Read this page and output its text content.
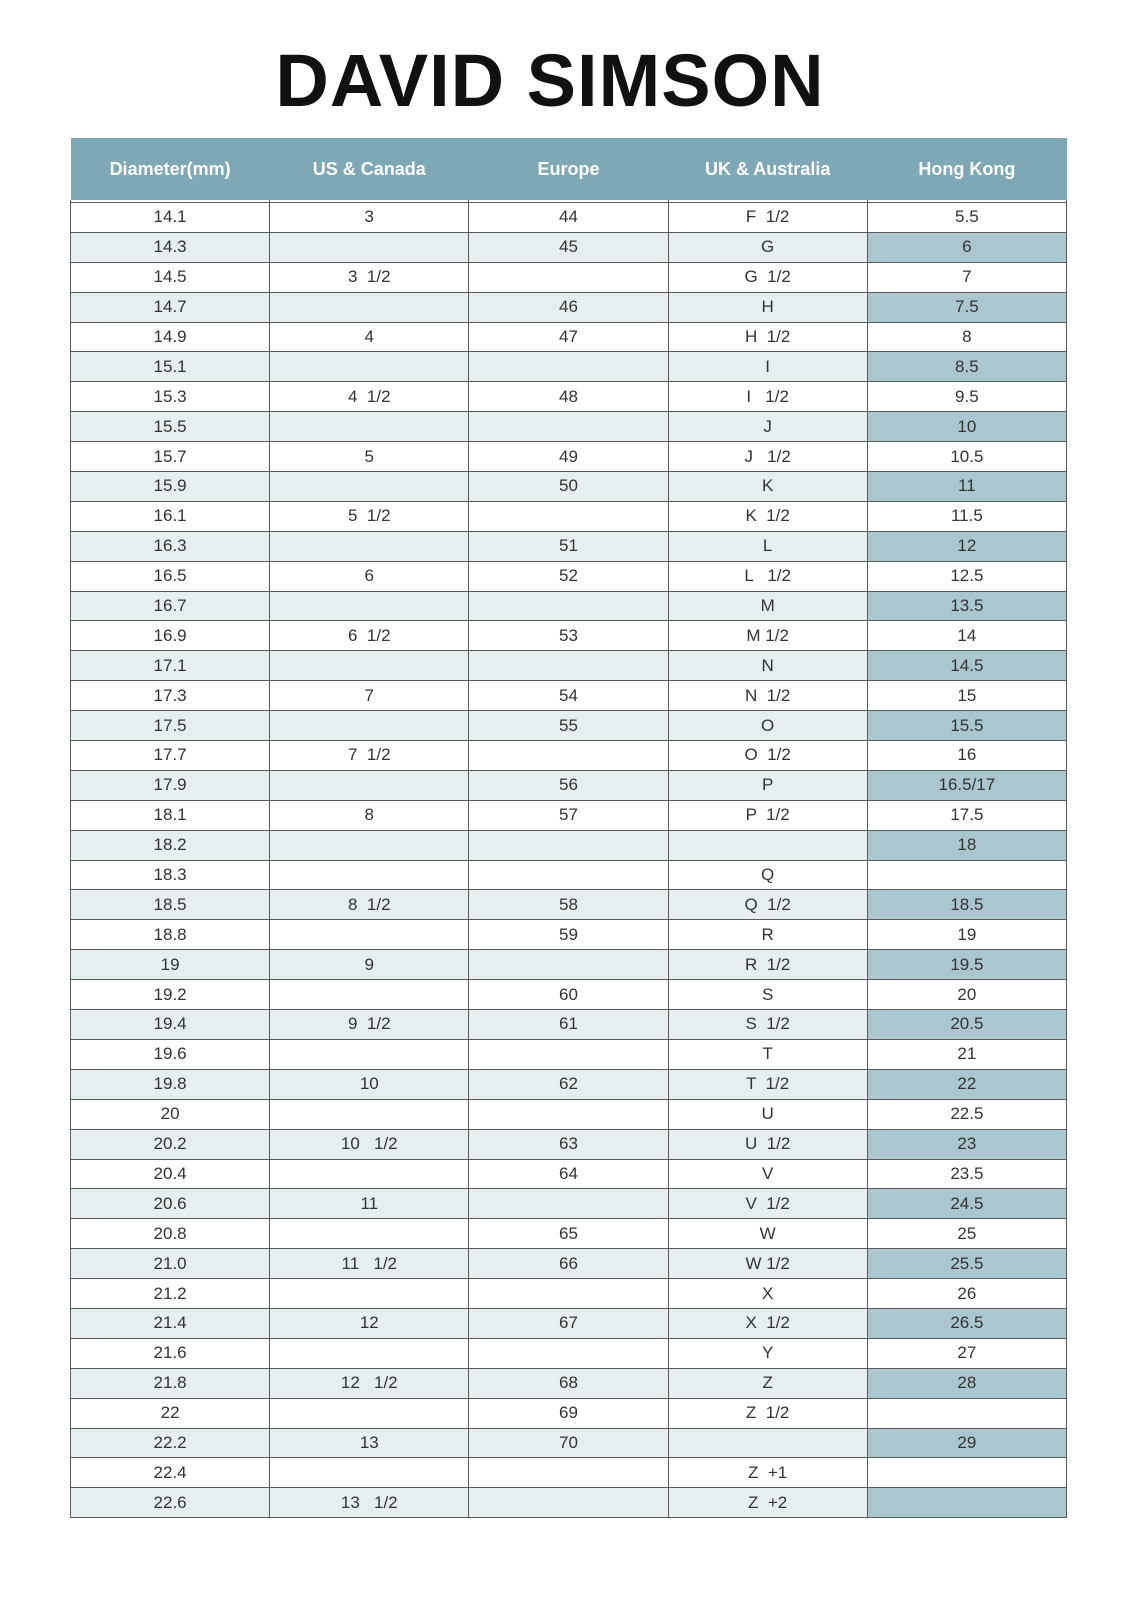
DAVID SIMSON
Diameter(mm)	US & Canada	Europe	UK & Australia	Hong Kong

14.1	3	44	F  1/2	5.5
14.3		45	G	6
14.5	3  1/2		G  1/2	7
14.7		46	H	7.5
14.9	4	47	H  1/2	8
15.1			I	8.5
15.3	4  1/2	48	I   1/2	9.5
15.5			J	10
15.7	5	49	J   1/2	10.5
15.9		50	K	11
16.1	5  1/2		K  1/2	11.5
16.3		51	L	12
16.5	6	52	L   1/2	12.5
16.7			M	13.5
16.9	6  1/2	53	M 1/2	14
17.1			N	14.5
17.3	7	54	N  1/2	15
17.5		55	O	15.5
17.7	7  1/2		O  1/2	16
17.9		56	P	16.5/17
18.1	8	57	P  1/2	17.5
18.2				18
18.3			Q	
18.5	8  1/2	58	Q  1/2	18.5
18.8		59	R	19
19	9		R  1/2	19.5
19.2		60	S	20
19.4	9  1/2	61	S  1/2	20.5
19.6			T	21
19.8	10	62	T  1/2	22
20			U	22.5
20.2	10   1/2	63	U  1/2	23
20.4		64	V	23.5
20.6	11		V  1/2	24.5
20.8		65	W	25
21.0	11   1/2	66	W 1/2	25.5
21.2			X	26
21.4	12	67	X  1/2	26.5
21.6			Y	27
21.8	12   1/2	68	Z	28
22		69	Z  1/2	
22.2	13	70		29
22.4			Z  +1	
22.6	13   1/2		Z  +2	
